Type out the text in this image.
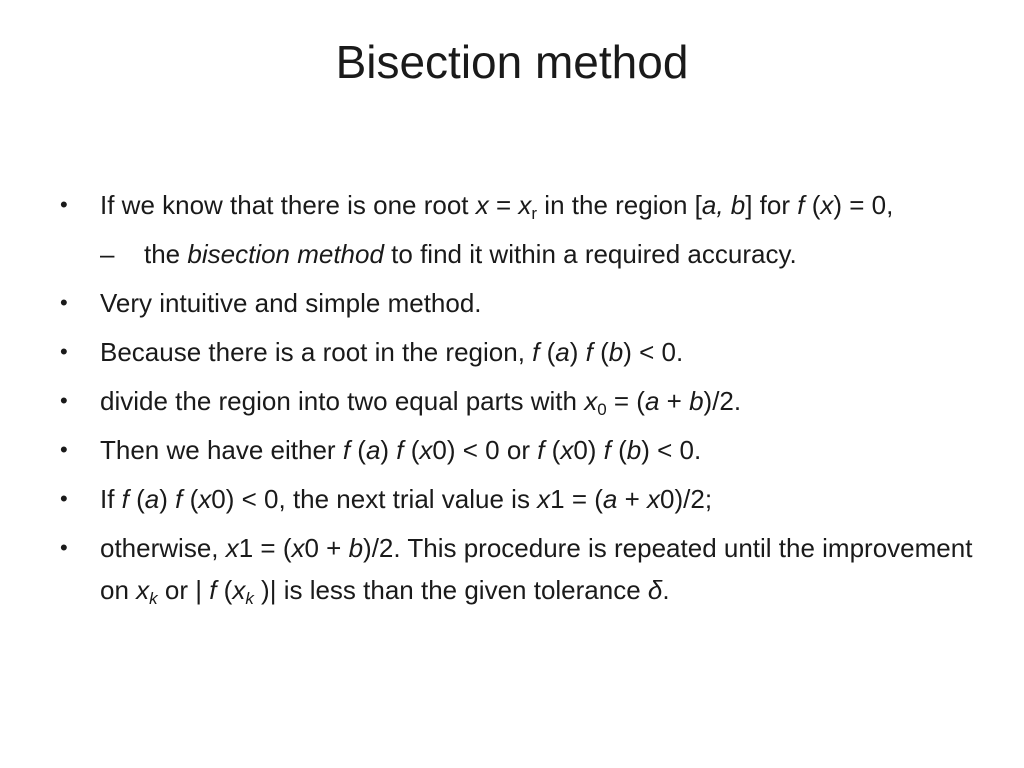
Bisection method
• If we know that there is one root $x = x_r$ in the region [a, b] for f (x) = 0,
– the bisection method to find it within a required accuracy.
• Very intuitive and simple method.
• Because there is a root in the region, f (a) f (b) < 0.
• divide the region into two equal parts with $x_0 = (a + b)/2$.
• Then we have either f (a) f (x0) < 0 or f (x0) f (b) < 0.
• If f (a) f (x0) < 0, the next trial value is x1 = (a + x0)/2;
• otherwise, x1 = (x0 + b)/2. This procedure is repeated until the improvement on $x_k$ or | f ($x_k$ )| is less than the given tolerance δ.
